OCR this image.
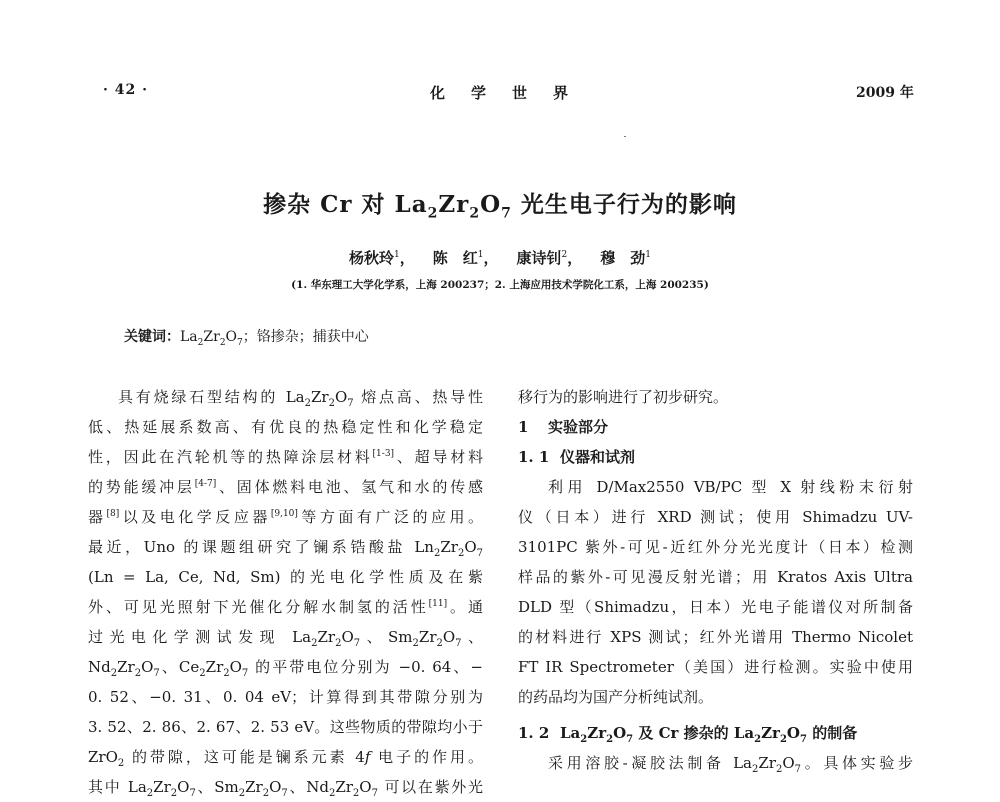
· 42 ·	化学世界	2009 年
掺杂 Cr 对 $La_2Zr_2O_7$ 光生电子行为的影响
杨秋玲$^1$， 陈　红$^1$， 康诗钊$^2$， 穆　劲$^1$
(1. 华东理工大学化学系，上海 200237；2. 上海应用技术学院化工系，上海 200235)
关键词：$La_2Zr_2O_7$；铬掺杂；捕获中心
具有烧绿石型结构的 $La_2Zr_2O_7$ 熔点高、热导性
低、热延展系数高、有优良的热稳定性和化学稳定
性，因此在汽轮机等的热障涂层材料[1-3]、超导材料
的势能缓冲层[4-7]、固体燃料电池、氢气和水的传感
器[8]以及电化学反应器[9,10]等方面有广泛的应用。
最近，Uno 的课题组研究了镧系锆酸盐 $Ln_2Zr_2O_7$
(Ln = La, Ce, Nd, Sm) 的光电化学性质及在紫
外、可见光照射下光催化分解水制氢的活性[11]。通
过光电化学测试发现 $La_2Zr_2O_7$、$Sm_2Zr_2O_7$、
$Nd_2Zr_2O_7$、$Ce_2Zr_2O_7$ 的平带电位分别为 −0. 64、−
0. 52、−0. 31、0. 04 eV；计算得到其带隙分别为
3. 52、2. 86、2. 67、2. 53 eV。这些物质的带隙均小于
ZrO$_2$ 的带隙，这可能是镧系元素 4f 电子的作用。
其中 $La_2Zr_2O_7$、$Sm_2Zr_2O_7$、$Nd_2Zr_2O_7$ 可以在紫外光
移行为的影响进行了初步研究。
1 实验部分
1. 1 仪器和试剂
利用 D/Max2550 VB/PC 型 X 射线粉末衍射
仪（日本）进行 XRD 测试；使用 Shimadzu UV-
3101PC 紫外-可见-近红外分光光度计（日本）检测
样品的紫外-可见漫反射光谱；用 Kratos Axis Ultra
DLD 型（Shimadzu，日本）光电子能谱仪对所制备
的材料进行 XPS 测试；红外光谱用 Thermo Nicolet
FT IR Spectrometer（美国）进行检测。实验中使用
的药品均为国产分析纯试剂。
1. 2 $La_2Zr_2O_7$ 及 Cr 掺杂的 $La_2Zr_2O_7$ 的制备
采用溶胶-凝胶法制备 $La_2Zr_2O_7$。具体实验步
